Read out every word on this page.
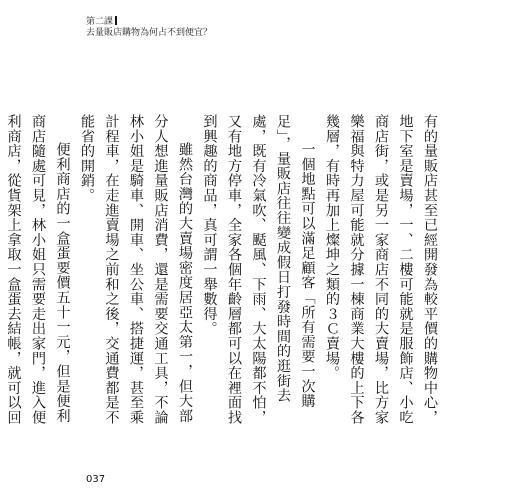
第二課
去量販店購物為何占不到便宜？

有的量販店甚至已經開發為較平價的購物中心，地下室是賣場，一、二樓可能就是服飾店、小吃商店街，或是另一家商店不同的大賣場，比方家樂福與特力屋可能就分據一棟商業大樓的上下各幾層，有時再加上燦坤之類的３Ｃ賣場。

一個地點可以滿足顧客「所有需要一次購足」，量販店往往變成假日打發時間的逛街去處，既有冷氣吹、颳風、下雨、大太陽都不怕，又有地方停車，全家各個年齡層都可以在裡面找到興趣的商品，真可謂一舉數得。

雖然台灣的大賣場密度居亞太第一，但大部分人想進量販店消費，還是需要交通工具，不論林小姐是騎車、開車、坐公車、搭捷運，甚至乘計程車，在走進賣場之前和之後，交通費都是不能省的開銷。

便利商店的一盒蛋要價五十一元，但是便利商店隨處可見，林小姐只需要走出家門，進入便利商店，從貨架上拿取一盒蛋去結帳，就可以回

037
